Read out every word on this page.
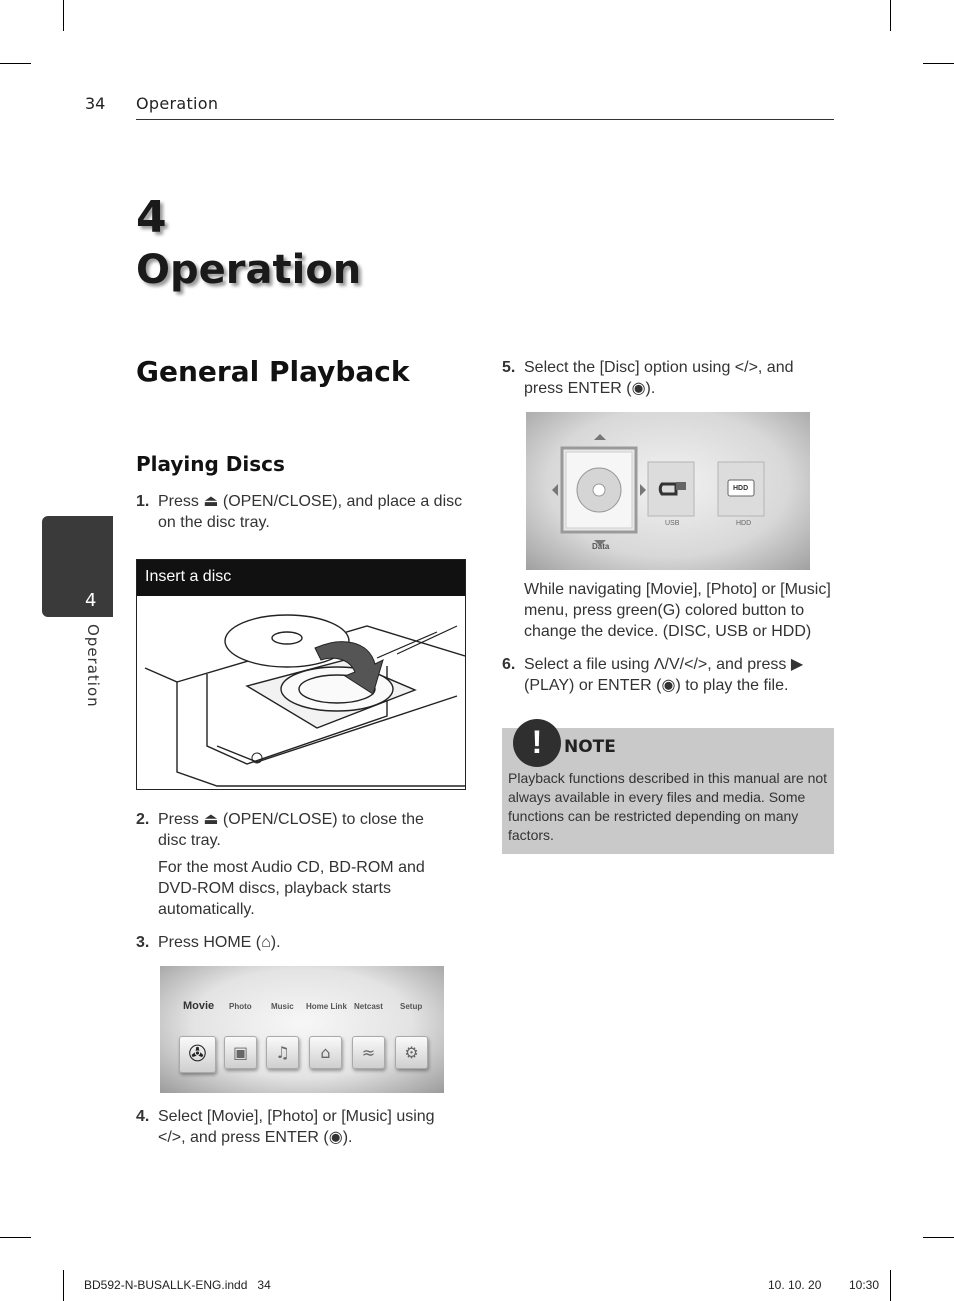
34 Operation
4
Operation
4
Operation
General Playback
Playing Discs
1. Press ⏏ (OPEN/CLOSE), and place a disc on the disc tray.
Insert a disc
2. Press ⏏ (OPEN/CLOSE) to close the disc tray.
For the most Audio CD, BD-ROM and DVD-ROM discs, playback starts automatically.
3. Press HOME (⌂).
Movie Photo Music Home Link Netcast Setup
✇	▣	♫	⌂	≈	⚙
4. Select [Movie], [Photo] or [Music] using </>, and press ENTER (◉).
5. Select the [Disc] option using </>, and press ENTER (◉).
Data
USB	HDD
HDD
While navigating [Movie], [Photo] or [Music] menu, press green(G) colored button to change the device. (DISC, USB or HDD)
6. Select a file using Λ/V/</>, and press ▶ (PLAY) or ENTER (◉) to play the file.
!	NOTE
Playback functions described in this manual are not always available in every files and media. Some functions can be restricted depending on many factors.
BD592-N-BUSALLK-ENG.indd   34	10. 10. 20 10:30
